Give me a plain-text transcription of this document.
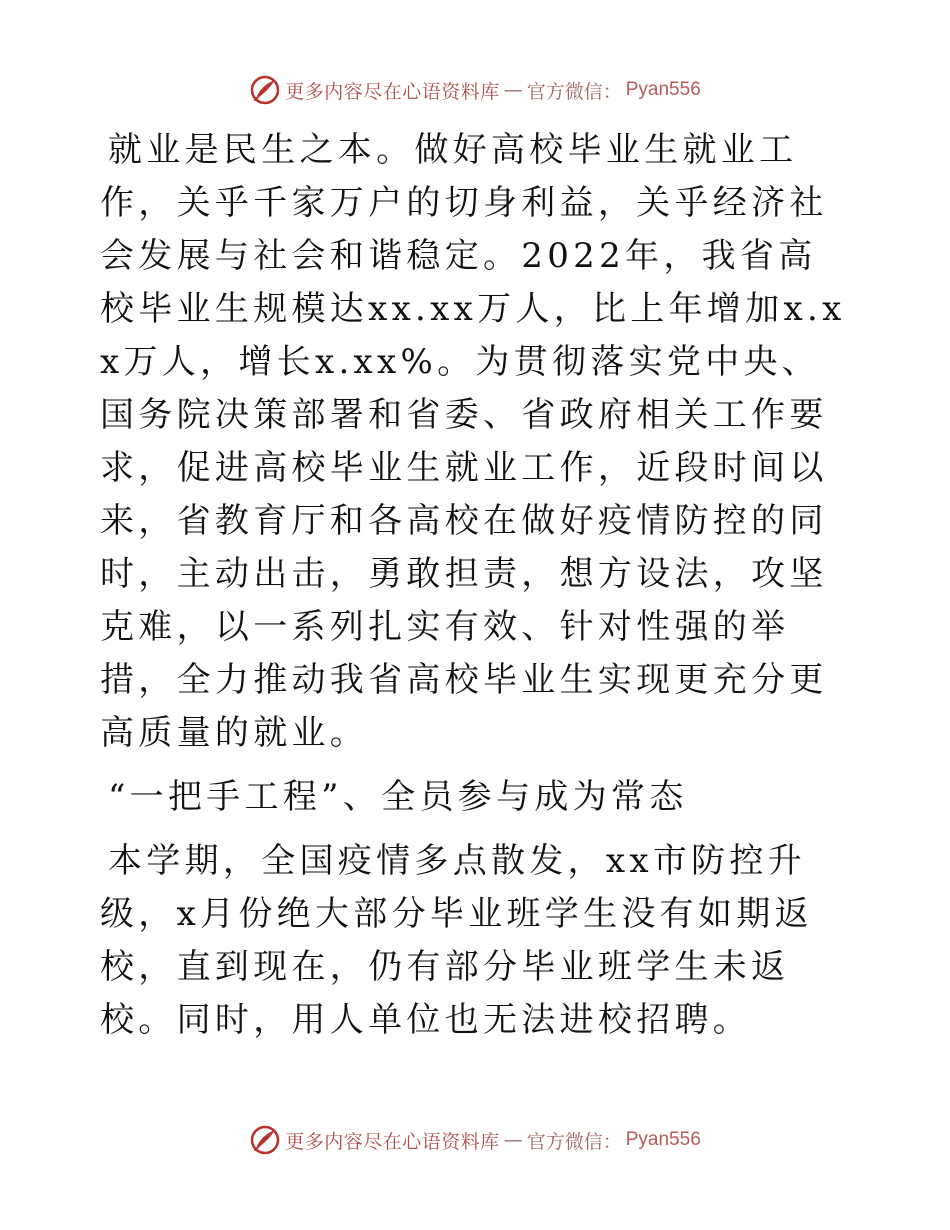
更多内容尽在心语资料库 — 官方微信： Pyan556

就业是民生之本。做好高校毕业生就业工作，关乎千家万户的切身利益，关乎经济社会发展与社会和谐稳定。2022年，我省高校毕业生规模达xx.xx万人，比上年增加x.xx万人，增长x.xx%。为贯彻落实党中央、国务院决策部署和省委、省政府相关工作要求，促进高校毕业生就业工作，近段时间以来，省教育厅和各高校在做好疫情防控的同时，主动出击，勇敢担责，想方设法，攻坚克难，以一系列扎实有效、针对性强的举措，全力推动我省高校毕业生实现更充分更高质量的就业。

“一把手工程”、全员参与成为常态

本学期，全国疫情多点散发，xx市防控升级，x月份绝大部分毕业班学生没有如期返校，直到现在，仍有部分毕业班学生未返校。同时，用人单位也无法进校招聘。

更多内容尽在心语资料库 — 官方微信： Pyan556
